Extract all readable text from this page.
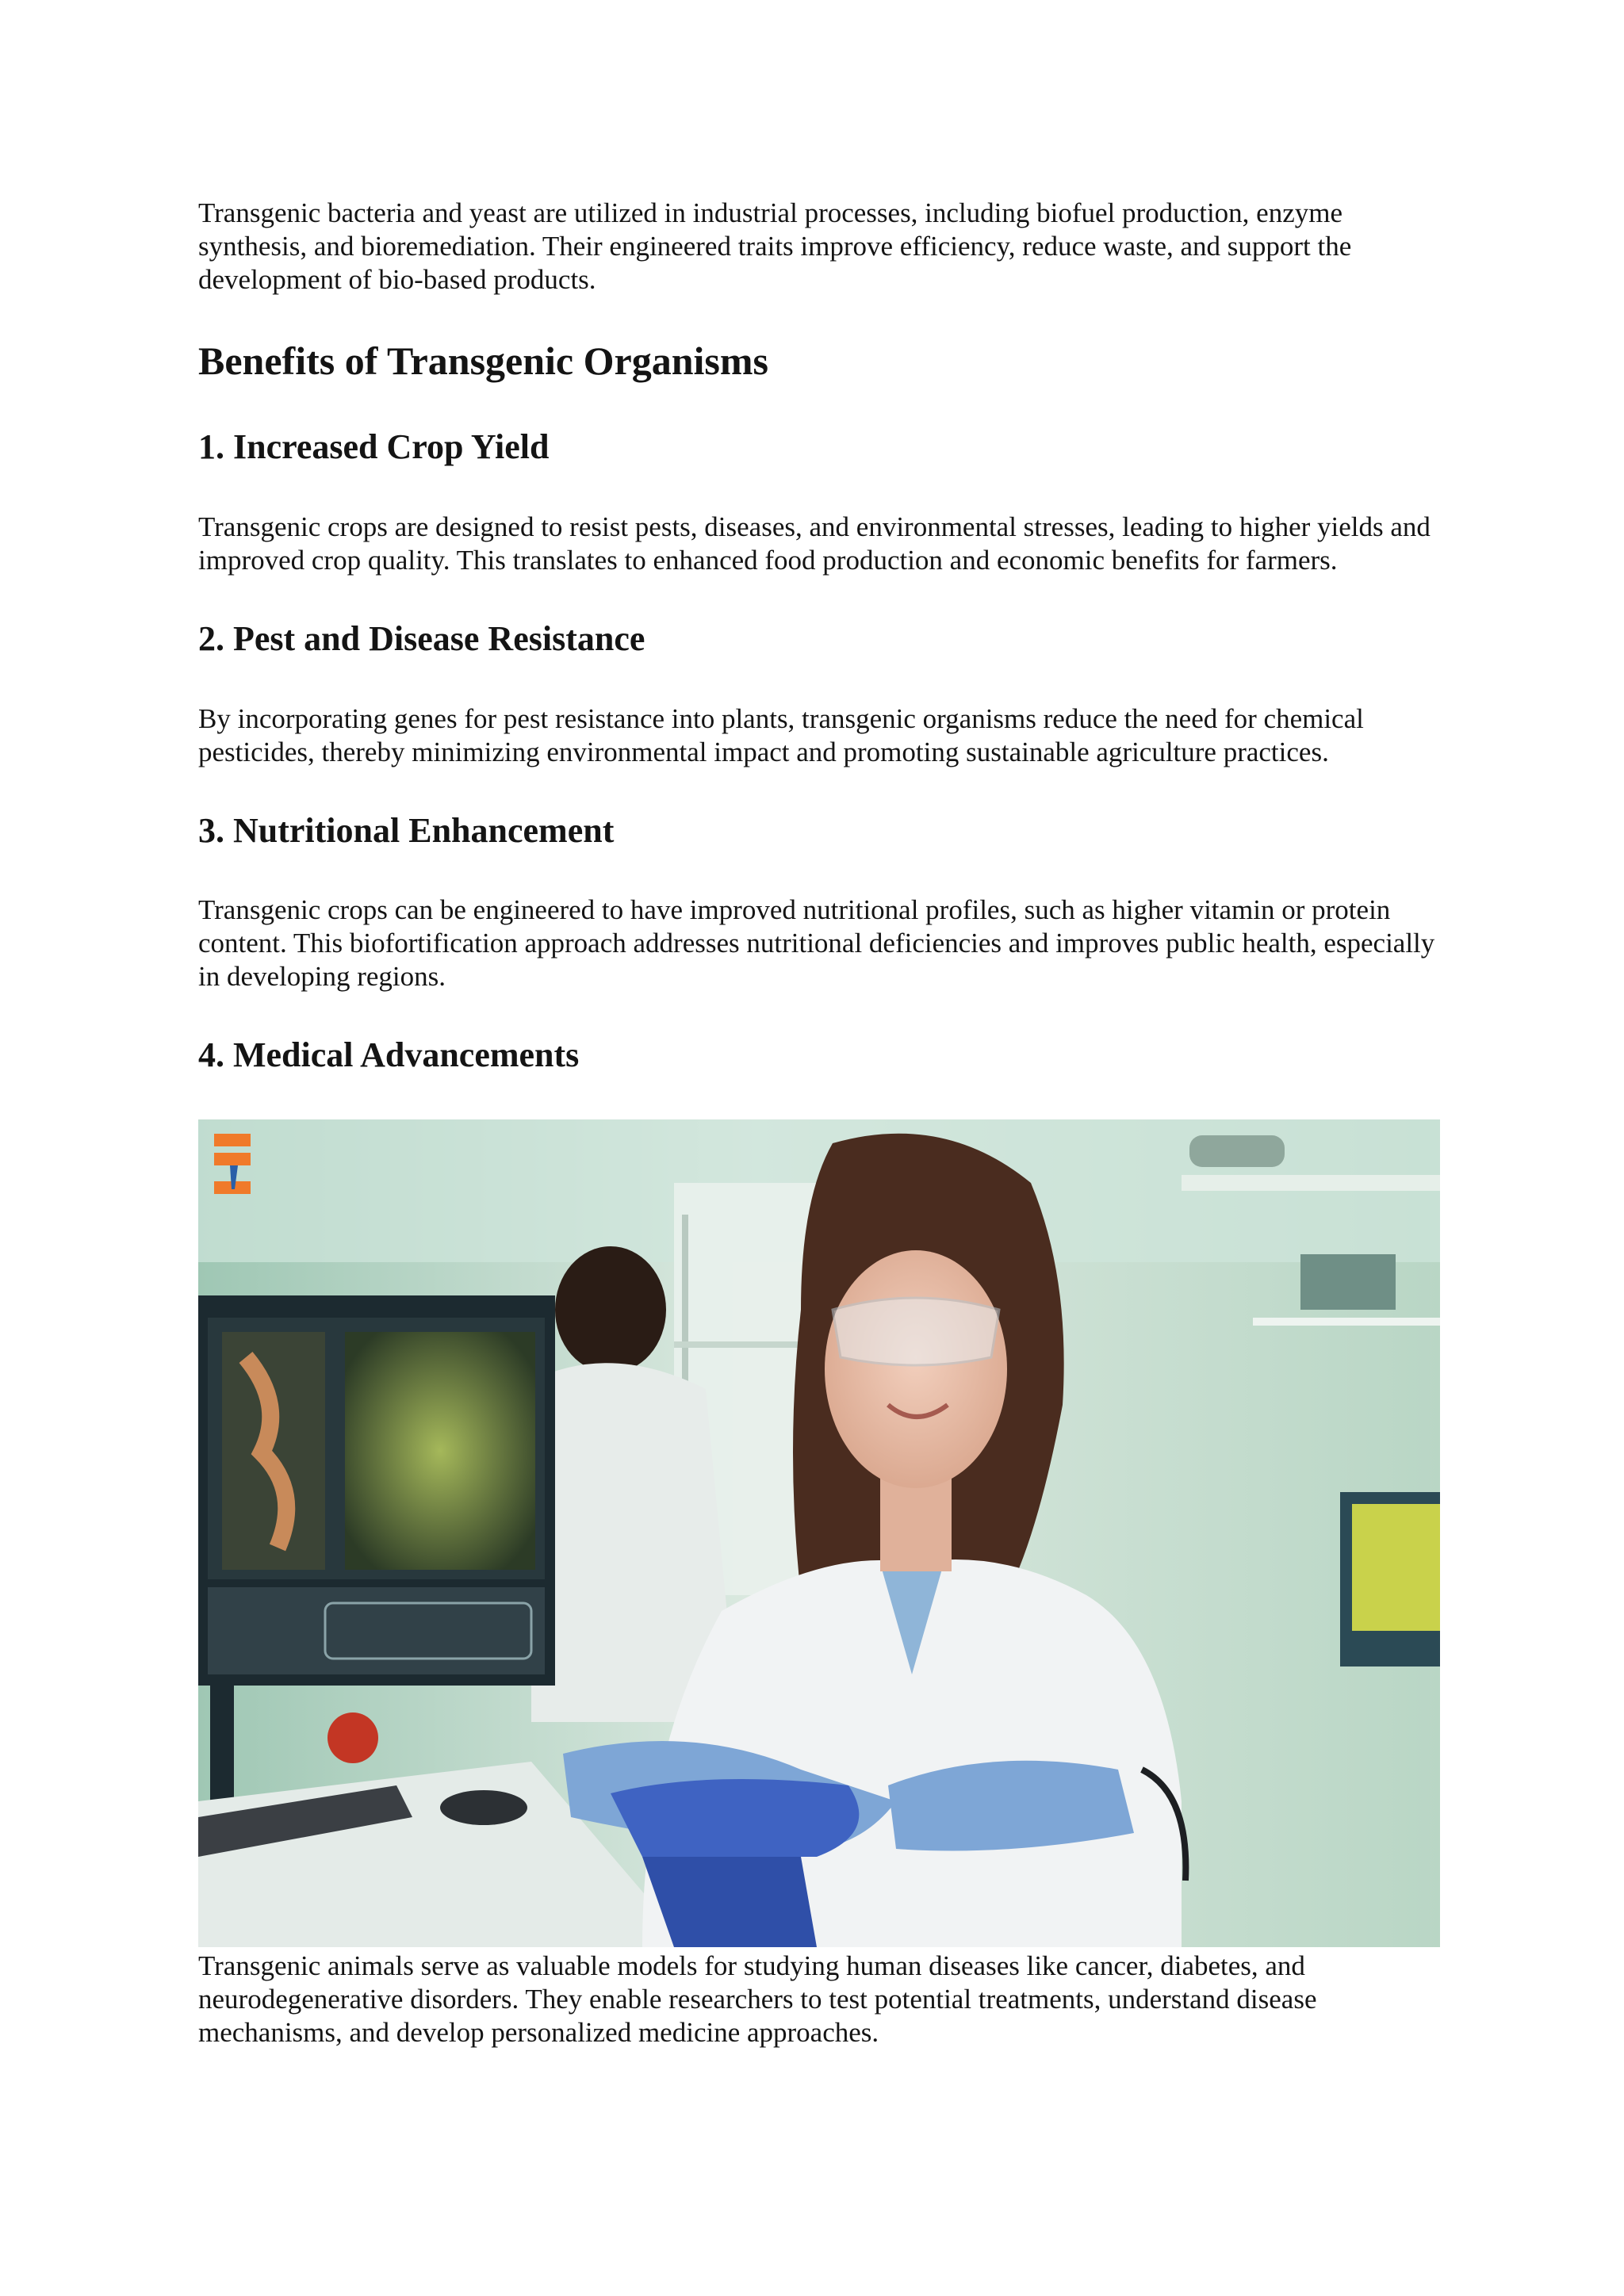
Transgenic bacteria and yeast are utilized in industrial processes, including biofuel production, enzyme synthesis, and bioremediation. Their engineered traits improve efficiency, reduce waste, and support the development of bio-based products.

Benefits of Transgenic Organisms
1. Increased Crop Yield

Transgenic crops are designed to resist pests, diseases, and environmental stresses, leading to higher yields and improved crop quality. This translates to enhanced food production and economic benefits for farmers.

2. Pest and Disease Resistance

By incorporating genes for pest resistance into plants, transgenic organisms reduce the need for chemical pesticides, thereby minimizing environmental impact and promoting sustainable agriculture practices.

3. Nutritional Enhancement

Transgenic crops can be engineered to have improved nutritional profiles, such as higher vitamin or protein content. This biofortification approach addresses nutritional deficiencies and improves public health, especially in developing regions.

4. Medical Advancements

Transgenic animals serve as valuable models for studying human diseases like cancer, diabetes, and neurodegenerative disorders. They enable researchers to test potential treatments, understand disease mechanisms, and develop personalized medicine approaches.
